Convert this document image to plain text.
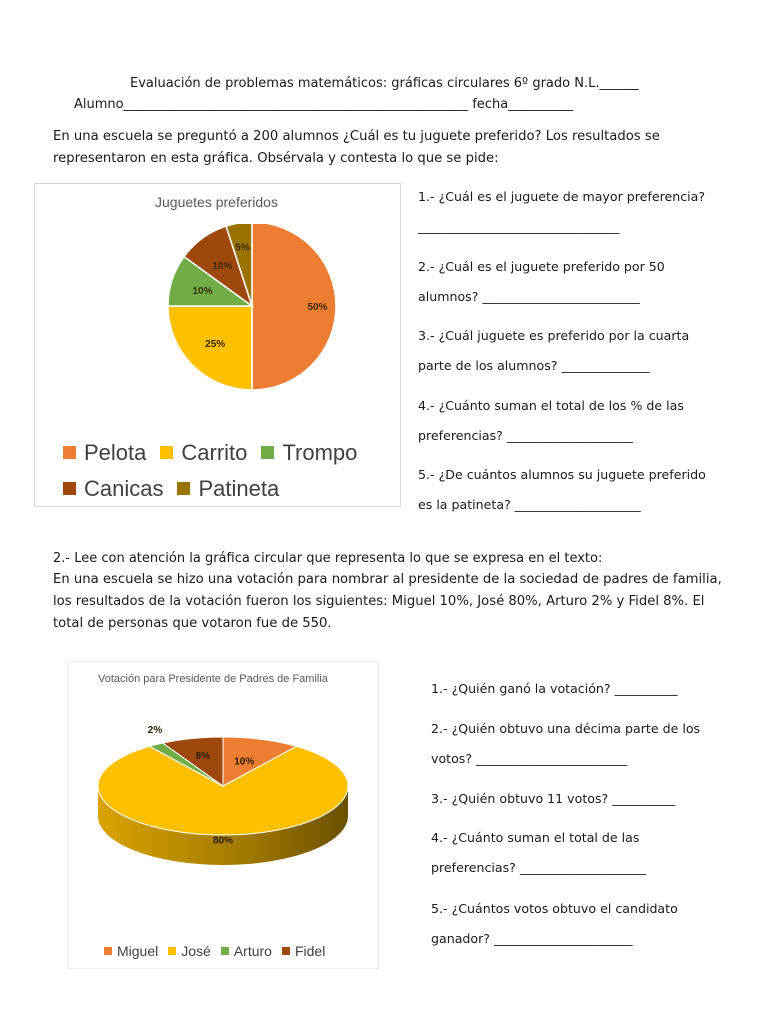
Evaluación de problemas matemáticos: gráficas circulares 6º grado N.L.______
Alumno_____________________________________________________ fecha__________
En una escuela se preguntó a 200 alumnos ¿Cuál es tu juguete preferido? Los resultados se representaron en esta gráfica. Obsérvala y contesta lo que se pide:
Juguetes preferidos
50%
25%
10%
10%
5%
Pelota Carrito Trompo

Canicas Patineta
1.- ¿Cuál es el juguete de mayor preferencia?
________________________________
2.- ¿Cuál es el juguete preferido por 50 alumnos? _________________________
3.- ¿Cuál juguete es preferido por la cuarta parte de los alumnos? ______________
4.- ¿Cuánto suman el total de los % de las preferencias? ____________________
5.- ¿De cuántos alumnos su juguete preferido es la patineta? ____________________
2.- Lee con atención la gráfica circular que representa lo que se expresa en el texto:
En una escuela se hizo una votación para nombrar al presidente de la sociedad de padres de familia, los resultados de la votación fueron los siguientes: Miguel 10%, José 80%, Arturo 2% y Fidel 8%. El total de personas que votaron fue de 550.
Votación para Presidente de Padres de Familia
10%
80%
2%
8%
Miguel José Arturo Fidel
1.- ¿Quién ganó la votación? __________
2.- ¿Quién obtuvo una décima parte de los votos? ________________________
3.- ¿Quién obtuvo 11 votos? __________
4.- ¿Cuánto suman el total de las preferencias? ____________________
5.- ¿Cuántos votos obtuvo el candidato ganador? ______________________
